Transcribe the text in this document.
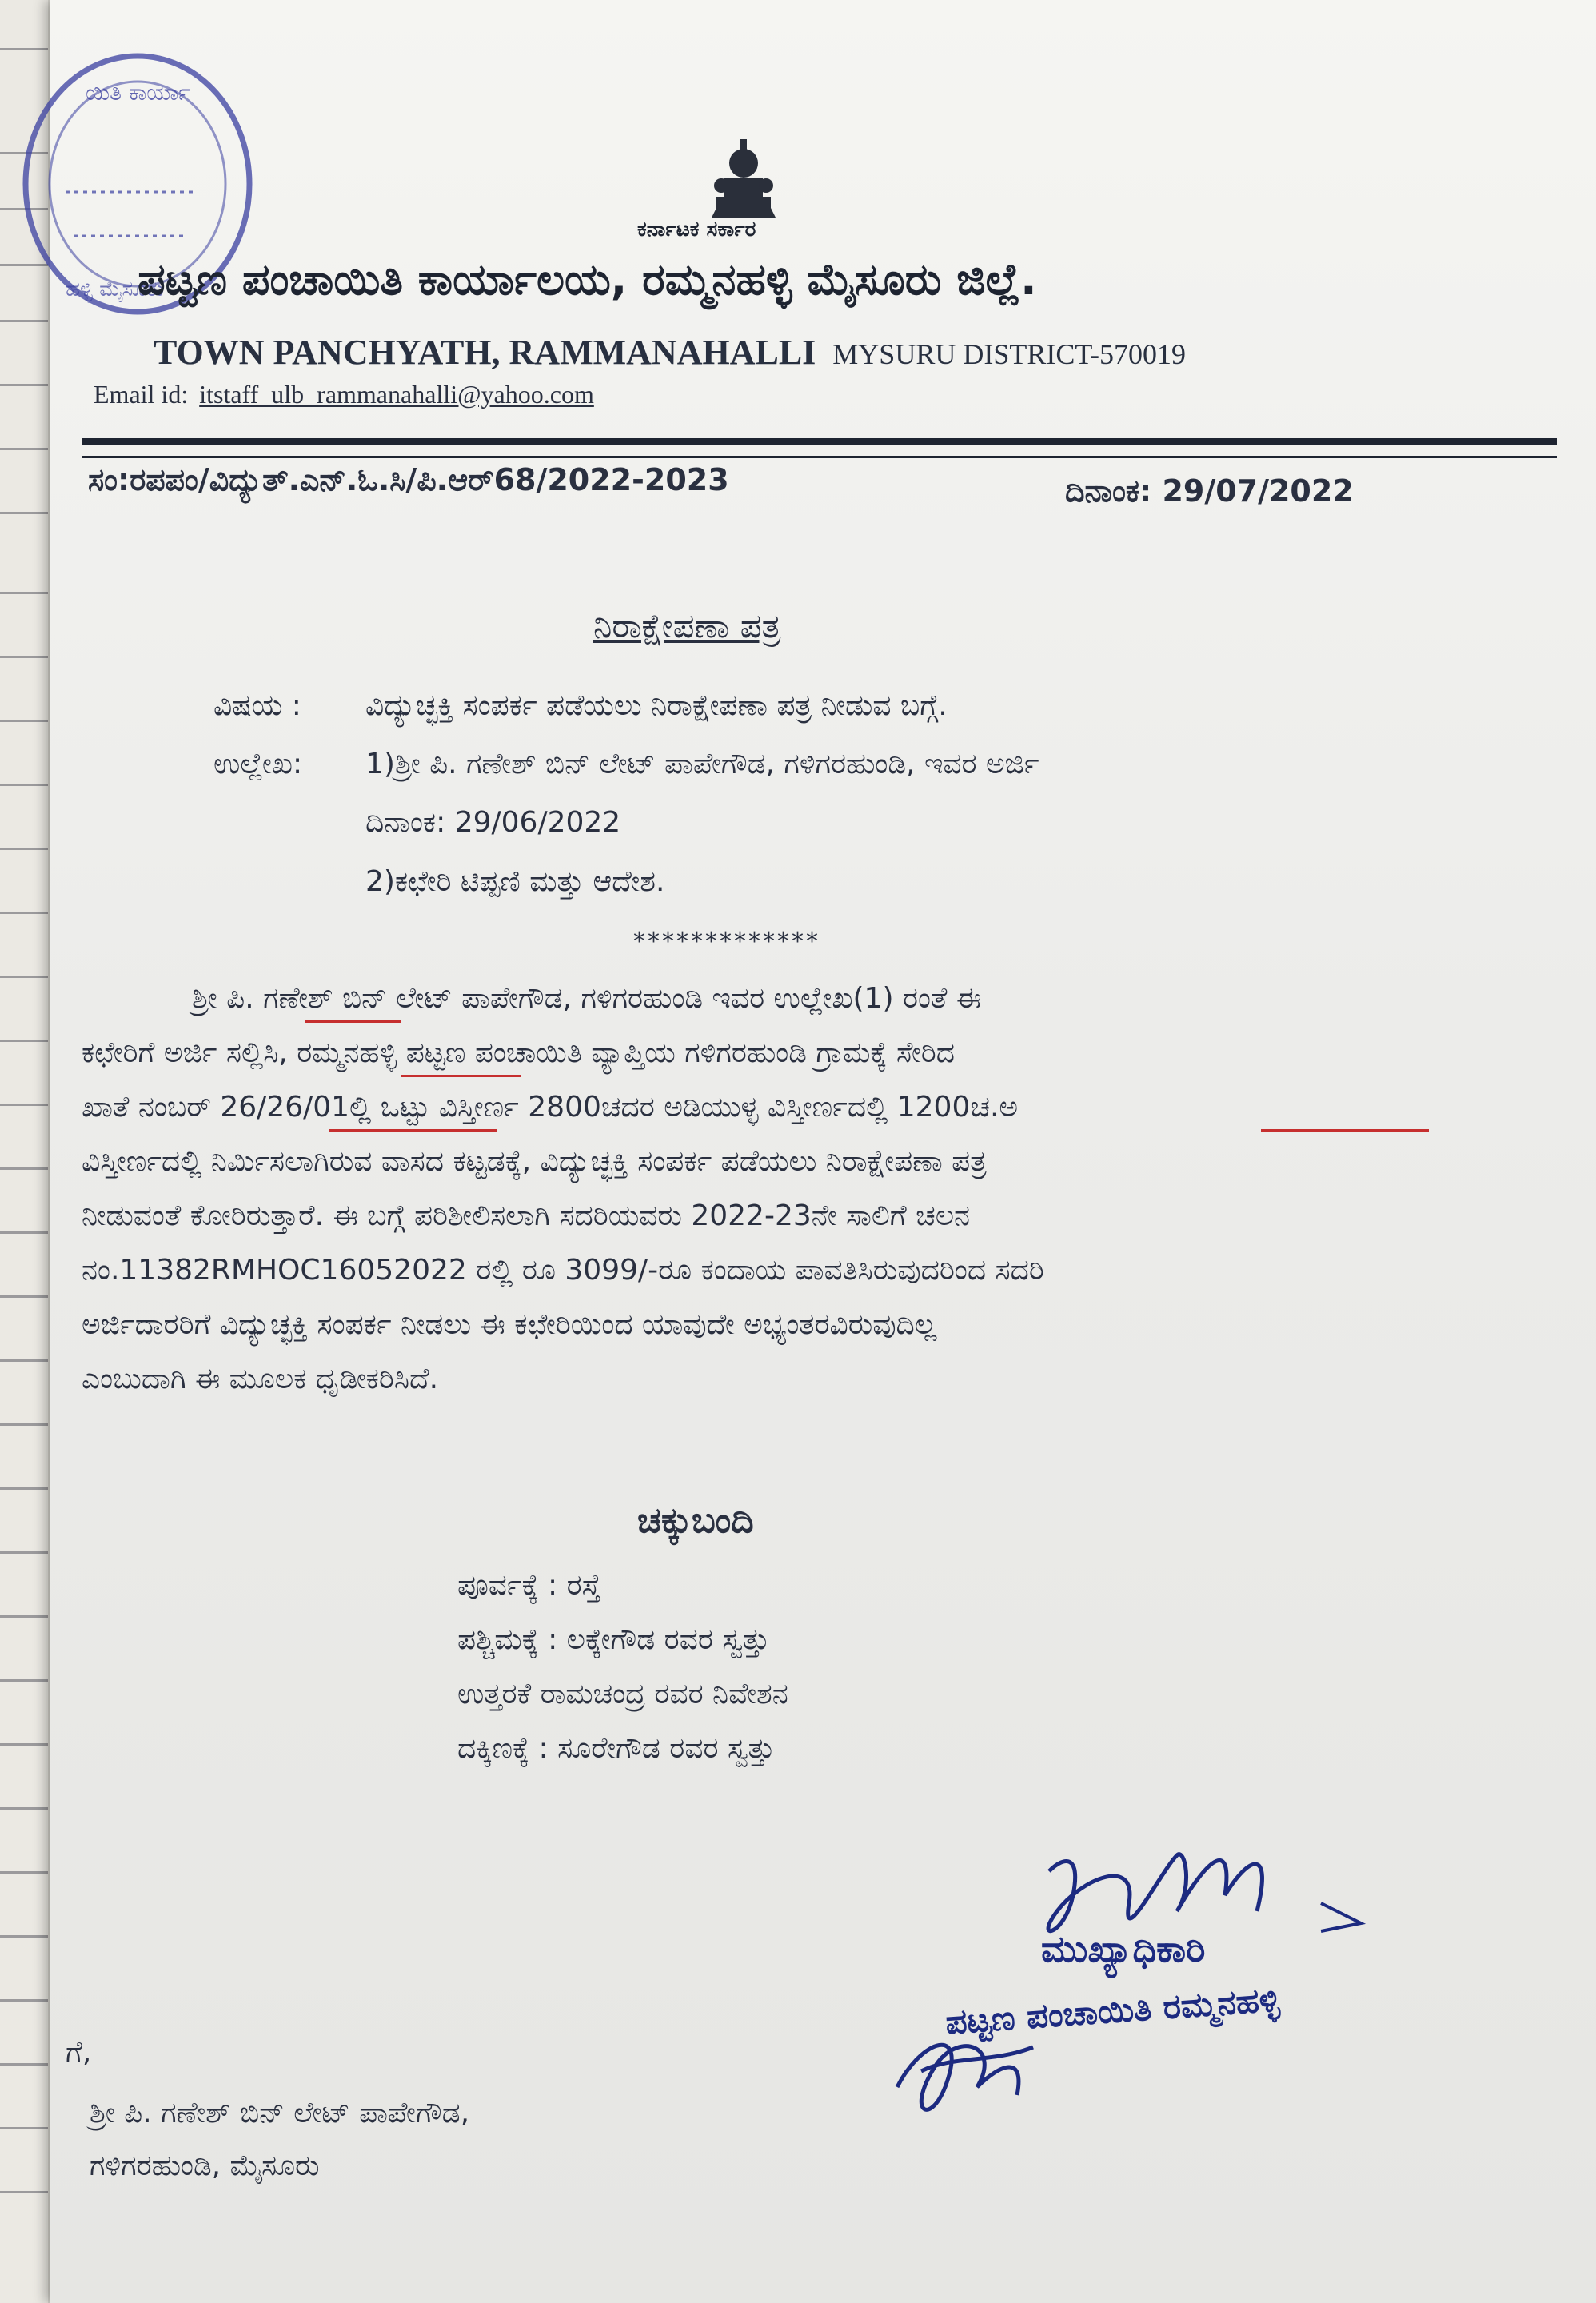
ಯಿತಿ ಕಾರ್ಯಾ
ಹಳ್ಳಿ ಮೈಸೂರು
ಕರ್ನಾಟಕ ಸರ್ಕಾರ
ಪಟ್ಟಣ ಪಂಚಾಯಿತಿ ಕಾರ್ಯಾಲಯ, ರಮ್ಮನಹಳ್ಳಿ ಮೈಸೂರು ಜಿಲ್ಲೆ.
TOWN PANCHYATH, RAMMANAHALLI MYSURU DISTRICT-570019
Email id: itstaff_ulb_rammanahalli@yahoo.com
ಸಂ:ರಪಪಂ/ವಿದ್ಯುತ್.ಎನ್.ಓ.ಸಿ/ಪಿ.ಆರ್68/2022-2023	ದಿನಾಂಕ: 29/07/2022
ನಿರಾಕ್ಷೇಪಣಾ ಪತ್ರ
ವಿಷಯ : ವಿದ್ಯುಚ್ಛಕ್ತಿ ಸಂಪರ್ಕ ಪಡೆಯಲು ನಿರಾಕ್ಷೇಪಣಾ ಪತ್ರ ನೀಡುವ ಬಗ್ಗೆ.
ಉಲ್ಲೇಖ: 1)ಶ್ರೀ ಪಿ. ಗಣೇಶ್ ಬಿನ್ ಲೇಟ್ ಪಾಪೇಗೌಡ, ಗಳಿಗರಹುಂಡಿ, ಇವರ ಅರ್ಜಿ
ದಿನಾಂಕ: 29/06/2022
2)ಕಛೇರಿ ಟಿಪ್ಪಣಿ ಮತ್ತು ಆದೇಶ.
*************
ಶ್ರೀ ಪಿ. ಗಣೇಶ್ ಬಿನ್ ಲೇಟ್ ಪಾಪೇಗೌಡ, ಗಳಿಗರಹುಂಡಿ ಇವರ ಉಲ್ಲೇಖ(1) ರಂತೆ ಈ
ಕಛೇರಿಗೆ ಅರ್ಜಿ ಸಲ್ಲಿಸಿ, ರಮ್ಮನಹಳ್ಳಿ ಪಟ್ಟಣ ಪಂಚಾಯಿತಿ ವ್ಯಾಪ್ತಿಯ ಗಳಿಗರಹುಂಡಿ ಗ್ರಾಮಕ್ಕೆ ಸೇರಿದ
ಖಾತೆ ನಂಬರ್ 26/26/01ಲ್ಲಿ ಒಟ್ಟು ವಿಸ್ತೀರ್ಣ 2800ಚದರ ಅಡಿಯುಳ್ಳ ವಿಸ್ತೀರ್ಣದಲ್ಲಿ 1200ಚ.ಅ
ವಿಸ್ತೀರ್ಣದಲ್ಲಿ ನಿರ್ಮಿಸಲಾಗಿರುವ ವಾಸದ ಕಟ್ಟಡಕ್ಕೆ, ವಿದ್ಯುಚ್ಛಕ್ತಿ ಸಂಪರ್ಕ ಪಡೆಯಲು ನಿರಾಕ್ಷೇಪಣಾ ಪತ್ರ
ನೀಡುವಂತೆ ಕೋರಿರುತ್ತಾರೆ. ಈ ಬಗ್ಗೆ ಪರಿಶೀಲಿಸಲಾಗಿ ಸದರಿಯವರು 2022-23ನೇ ಸಾಲಿಗೆ ಚಲನ
ನಂ.11382RMHOC16052022 ರಲ್ಲಿ ರೂ 3099/-ರೂ ಕಂದಾಯ ಪಾವತಿಸಿರುವುದರಿಂದ ಸದರಿ
ಅರ್ಜಿದಾರರಿಗೆ ವಿದ್ಯುಚ್ಛಕ್ತಿ ಸಂಪರ್ಕ ನೀಡಲು ಈ ಕಛೇರಿಯಿಂದ ಯಾವುದೇ ಅಭ್ಯಂತರವಿರುವುದಿಲ್ಲ
ಎಂಬುದಾಗಿ ಈ ಮೂಲಕ ಧೃಡೀಕರಿಸಿದೆ.
ಚಕ್ಕುಬಂದಿ
ಪೂರ್ವಕ್ಕೆ : ರಸ್ತೆ
ಪಶ್ಚಿಮಕ್ಕೆ : ಲಕ್ಕೇಗೌಡ ರವರ ಸ್ವತ್ತು
ಉತ್ತರಕೆ ರಾಮಚಂದ್ರ ರವರ ನಿವೇಶನ
ದಕ್ಕಿಣಕ್ಕೆ : ಸೂರೇಗೌಡ ರವರ ಸ್ವತ್ತು
ಮುಖ್ಯಾಧಿಕಾರಿ
ಪಟ್ಟಣ ಪಂಚಾಯಿತಿ ರಮ್ಮನಹಳ್ಳಿ
ಗೆ,
ಶ್ರೀ ಪಿ. ಗಣೇಶ್ ಬಿನ್ ಲೇಟ್ ಪಾಪೇಗೌಡ,
ಗಳಿಗರಹುಂಡಿ, ಮೈಸೂರು
